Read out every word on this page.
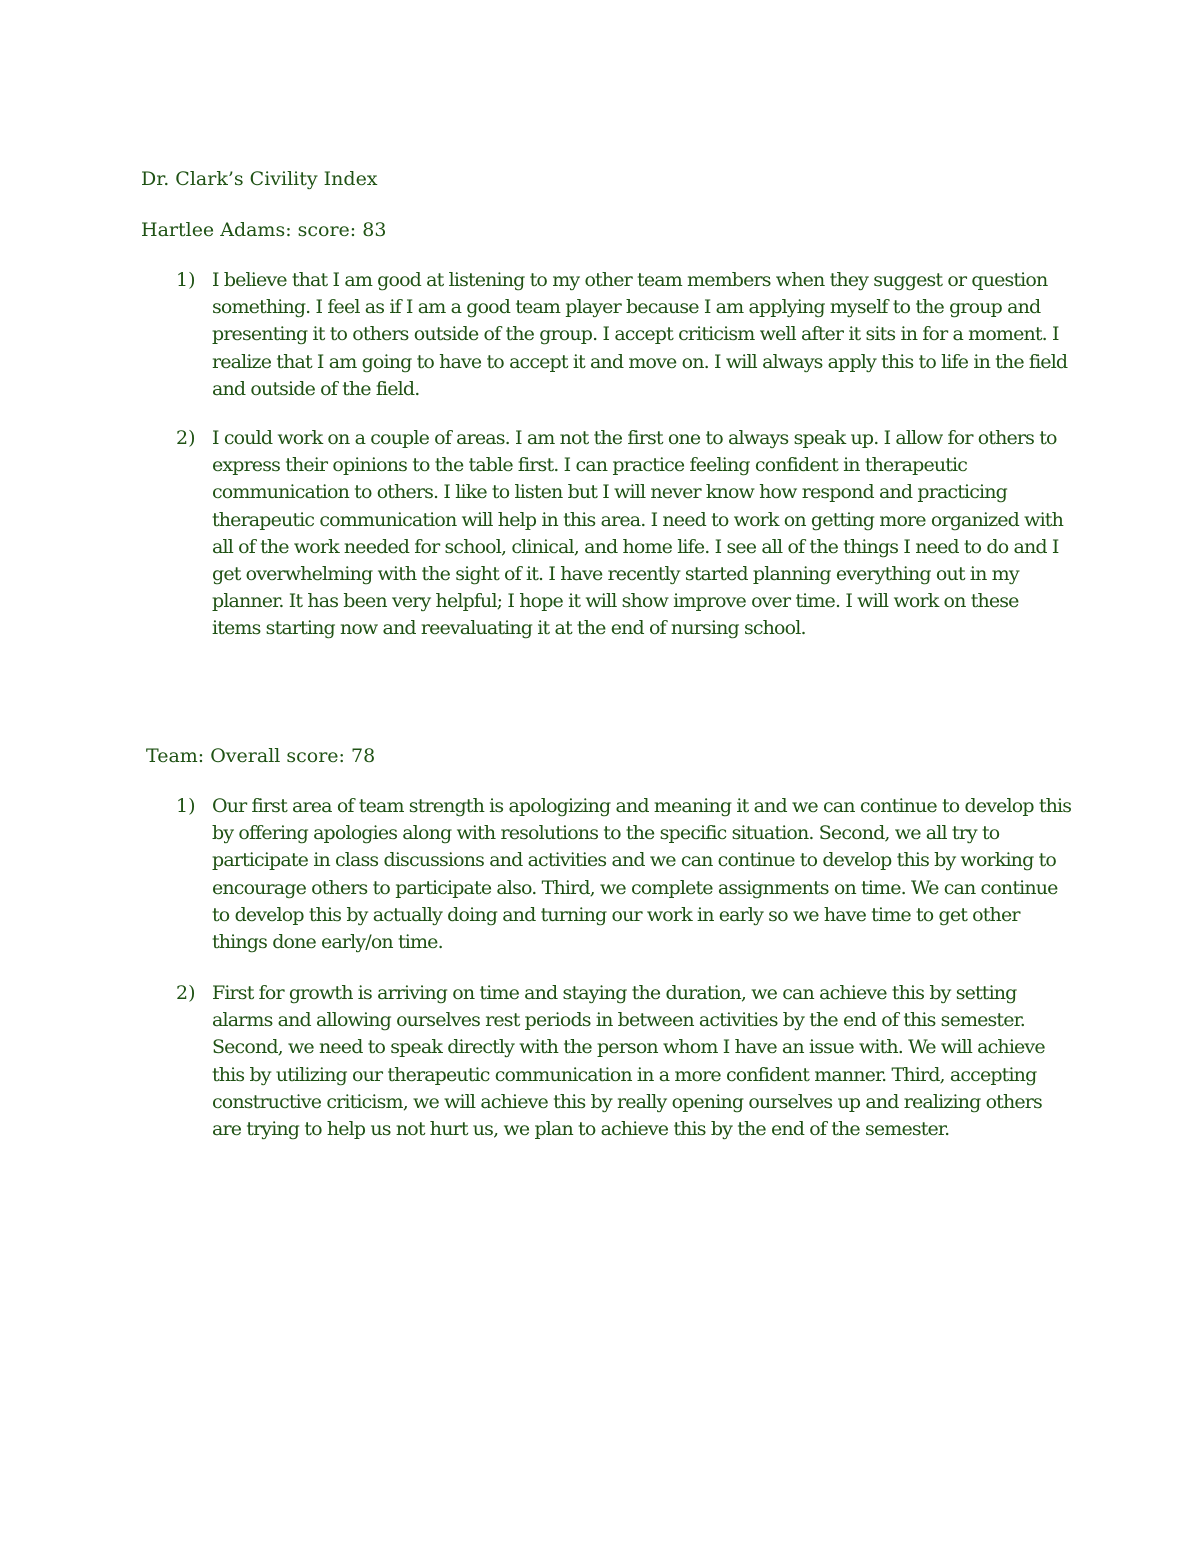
Dr. Clark’s Civility Index
Hartlee Adams: score: 83
1) I believe that I am good at listening to my other team members when they suggest or question something. I feel as if I am a good team player because I am applying myself to the group and presenting it to others outside of the group. I accept criticism well after it sits in for a moment. I realize that I am going to have to accept it and move on. I will always apply this to life in the field and outside of the field.

2) I could work on a couple of areas. I am not the first one to always speak up. I allow for others to express their opinions to the table first. I can practice feeling confident in therapeutic communication to others. I like to listen but I will never know how respond and practicing therapeutic communication will help in this area. I need to work on getting more organized with all of the work needed for school, clinical, and home life. I see all of the things I need to do and I get overwhelming with the sight of it. I have recently started planning everything out in my planner. It has been very helpful; I hope it will show improve over time. I will work on these items starting now and reevaluating it at the end of nursing school.

Team: Overall score: 78
1) Our first area of team strength is apologizing and meaning it and we can continue to develop this by offering apologies along with resolutions to the specific situation. Second, we all try to participate in class discussions and activities and we can continue to develop this by working to encourage others to participate also. Third, we complete assignments on time. We can continue to develop this by actually doing and turning our work in early so we have time to get other things done early/on time.

2) First for growth is arriving on time and staying the duration, we can achieve this by setting alarms and allowing ourselves rest periods in between activities by the end of this semester. Second, we need to speak directly with the person whom I have an issue with. We will achieve this by utilizing our therapeutic communication in a more confident manner. Third, accepting constructive criticism, we will achieve this by really opening ourselves up and realizing others are trying to help us not hurt us, we plan to achieve this by the end of the semester.
